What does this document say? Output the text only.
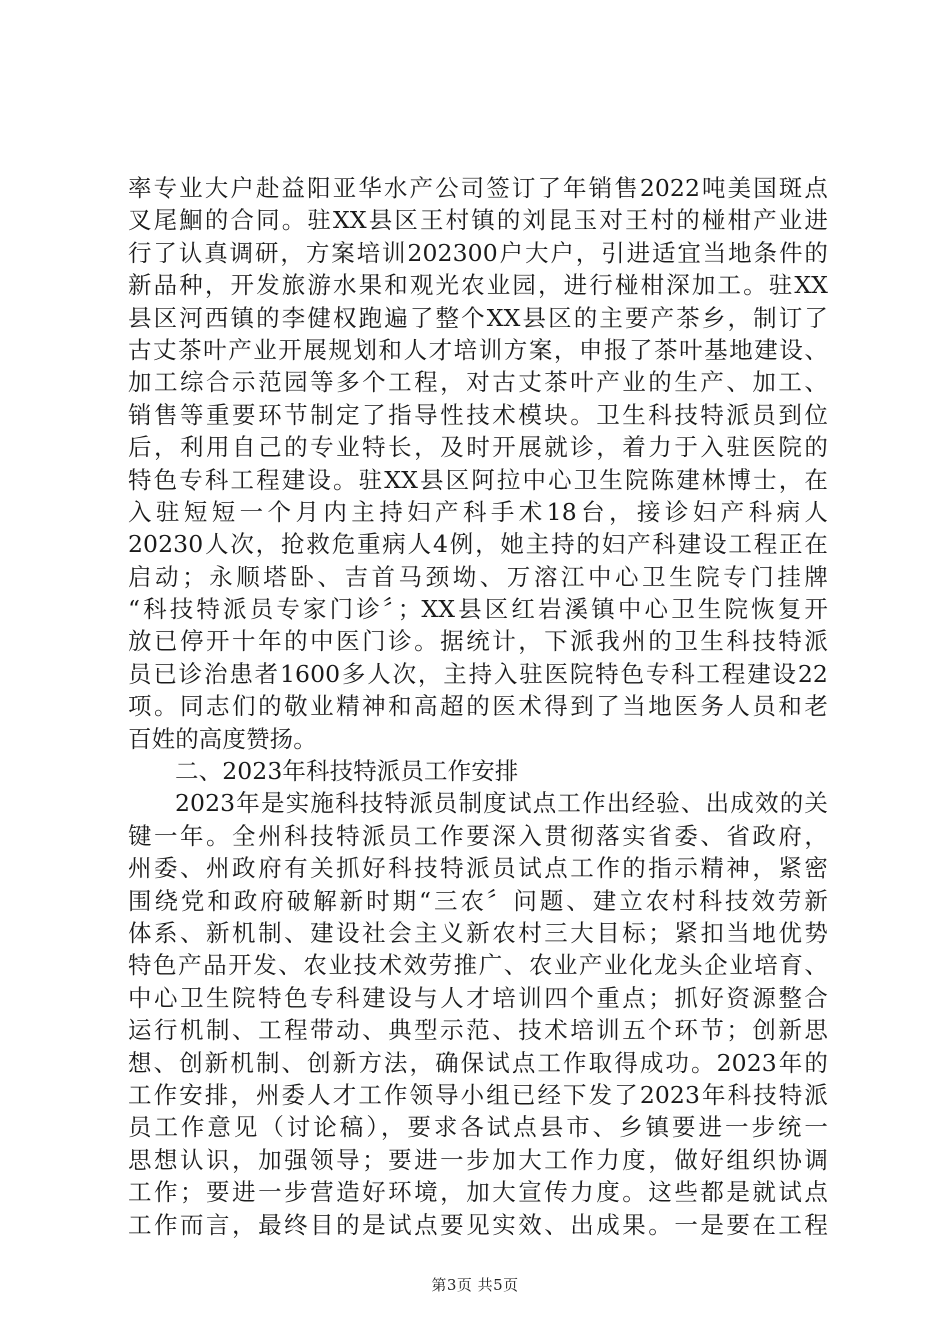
率专业大户赴益阳亚华水产公司签订了年销售2022吨美国斑点
叉尾鮰的合同。驻XX县区王村镇的刘昆玉对王村的椪柑产业进
行了认真调研，方案培训202300户大户，引进适宜当地条件的
新品种，开发旅游水果和观光农业园，进行椪柑深加工。驻XX
县区河西镇的李健权跑遍了整个XX县区的主要产茶乡，制订了
古丈茶叶产业开展规划和人才培训方案，申报了茶叶基地建设、
加工综合示范园等多个工程，对古丈茶叶产业的生产、加工、
销售等重要环节制定了指导性技术模块。卫生科技特派员到位
后，利用自己的专业特长，及时开展就诊，着力于入驻医院的
特色专科工程建设。驻XX县区阿拉中心卫生院陈建林博士，在
入驻短短一个月内主持妇产科手术18台，接诊妇产科病人
20230人次，抢救危重病人4例，她主持的妇产科建设工程正在
启动；永顺塔卧、吉首马颈坳、万溶江中心卫生院专门挂牌
“科技特派员专家门诊〞；XX县区红岩溪镇中心卫生院恢复开
放已停开十年的中医门诊。据统计，下派我州的卫生科技特派
员已诊治患者1600多人次，主持入驻医院特色专科工程建设22
项。同志们的敬业精神和高超的医术得到了当地医务人员和老
百姓的高度赞扬。
二、2023年科技特派员工作安排
2023年是实施科技特派员制度试点工作出经验、出成效的关
键一年。全州科技特派员工作要深入贯彻落实省委、省政府，
州委、州政府有关抓好科技特派员试点工作的指示精神，紧密
围绕党和政府破解新时期“三农〞问题、建立农村科技效劳新
体系、新机制、建设社会主义新农村三大目标；紧扣当地优势
特色产品开发、农业技术效劳推广、农业产业化龙头企业培育、
中心卫生院特色专科建设与人才培训四个重点；抓好资源整合
运行机制、工程带动、典型示范、技术培训五个环节；创新思
想、创新机制、创新方法，确保试点工作取得成功。2023年的
工作安排，州委人才工作领导小组已经下发了2023年科技特派
员工作意见（讨论稿），要求各试点县市、乡镇要进一步统一
思想认识，加强领导；要进一步加大工作力度，做好组织协调
工作；要进一步营造好环境，加大宣传力度。这些都是就试点
工作而言，最终目的是试点要见实效、出成果。一是要在工程
第3页 共5页
